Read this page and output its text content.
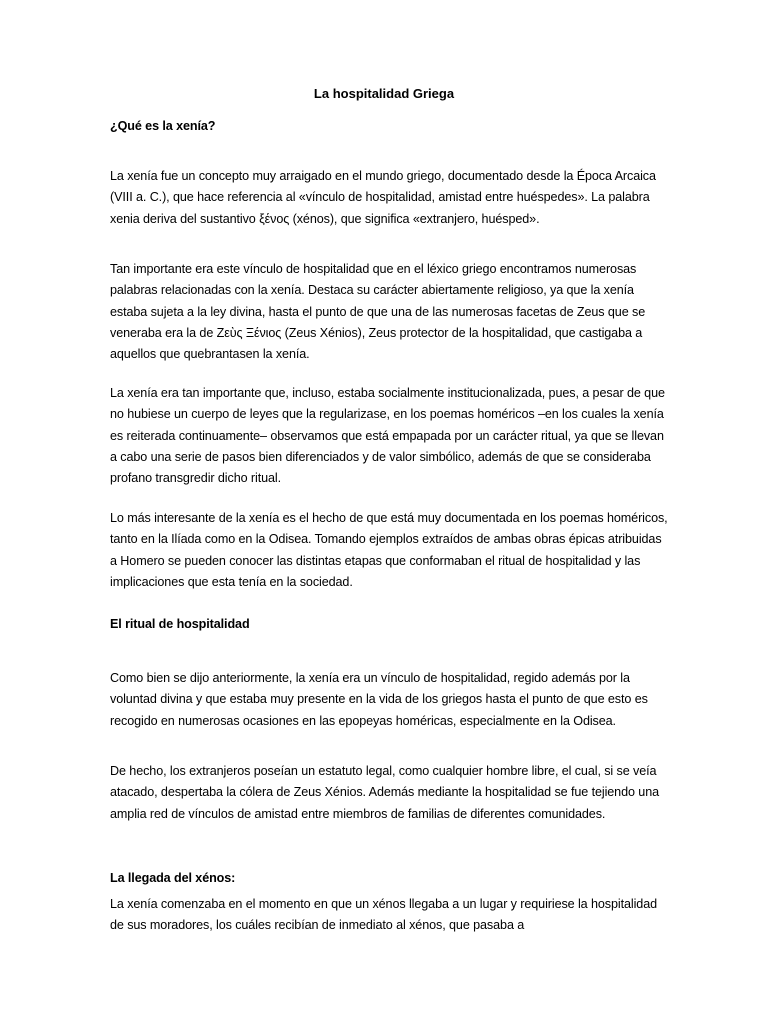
La hospitalidad Griega

¿Qué es la xenía?

La xenía fue un concepto muy arraigado en el mundo griego, documentado desde la Época Arcaica (VIII a. C.), que hace referencia al «vínculo de hospitalidad, amistad entre huéspedes». La palabra xenia deriva del sustantivo ξένος (xénos), que significa «extranjero, huésped».

Tan importante era este vínculo de hospitalidad que en el léxico griego encontramos numerosas palabras relacionadas con la xenía. Destaca su carácter abiertamente religioso, ya que la xenía estaba sujeta a la ley divina, hasta el punto de que una de las numerosas facetas de Zeus que se veneraba era la de Ζεὺς Ξένιος (Zeus Xénios), Zeus protector de la hospitalidad, que castigaba a aquellos que quebrantasen la xenía.

La xenía era tan importante que, incluso, estaba socialmente institucionalizada, pues, a pesar de que no hubiese un cuerpo de leyes que la regularizase, en los poemas homéricos –en los cuales la xenía es reiterada continuamente– observamos que está empapada por un carácter ritual, ya que se llevan a cabo una serie de pasos bien diferenciados y de valor simbólico, además de que se consideraba profano transgredir dicho ritual.

Lo más interesante de la xenía es el hecho de que está muy documentada en los poemas homéricos, tanto en la Ilíada como en la Odisea. Tomando ejemplos extraídos de ambas obras épicas atribuidas a Homero se pueden conocer las distintas etapas que conformaban el ritual de hospitalidad y las implicaciones que esta tenía en la sociedad.

El ritual de hospitalidad

Como bien se dijo anteriormente, la xenía era un vínculo de hospitalidad, regido además por la voluntad divina y que estaba muy presente en la vida de los griegos hasta el punto de que esto es recogido en numerosas ocasiones en las epopeyas homéricas, especialmente en la Odisea.

De hecho, los extranjeros poseían un estatuto legal, como cualquier hombre libre, el cual, si se veía atacado, despertaba la cólera de Zeus Xénios. Además mediante la hospitalidad se fue tejiendo una amplia red de vínculos de amistad entre miembros de familias de diferentes comunidades.

La llegada del xénos:

La xenía comenzaba en el momento en que un xénos llegaba a un lugar y requiriese la hospitalidad de sus moradores, los cuáles recibían de inmediato al xénos, que pasaba a
